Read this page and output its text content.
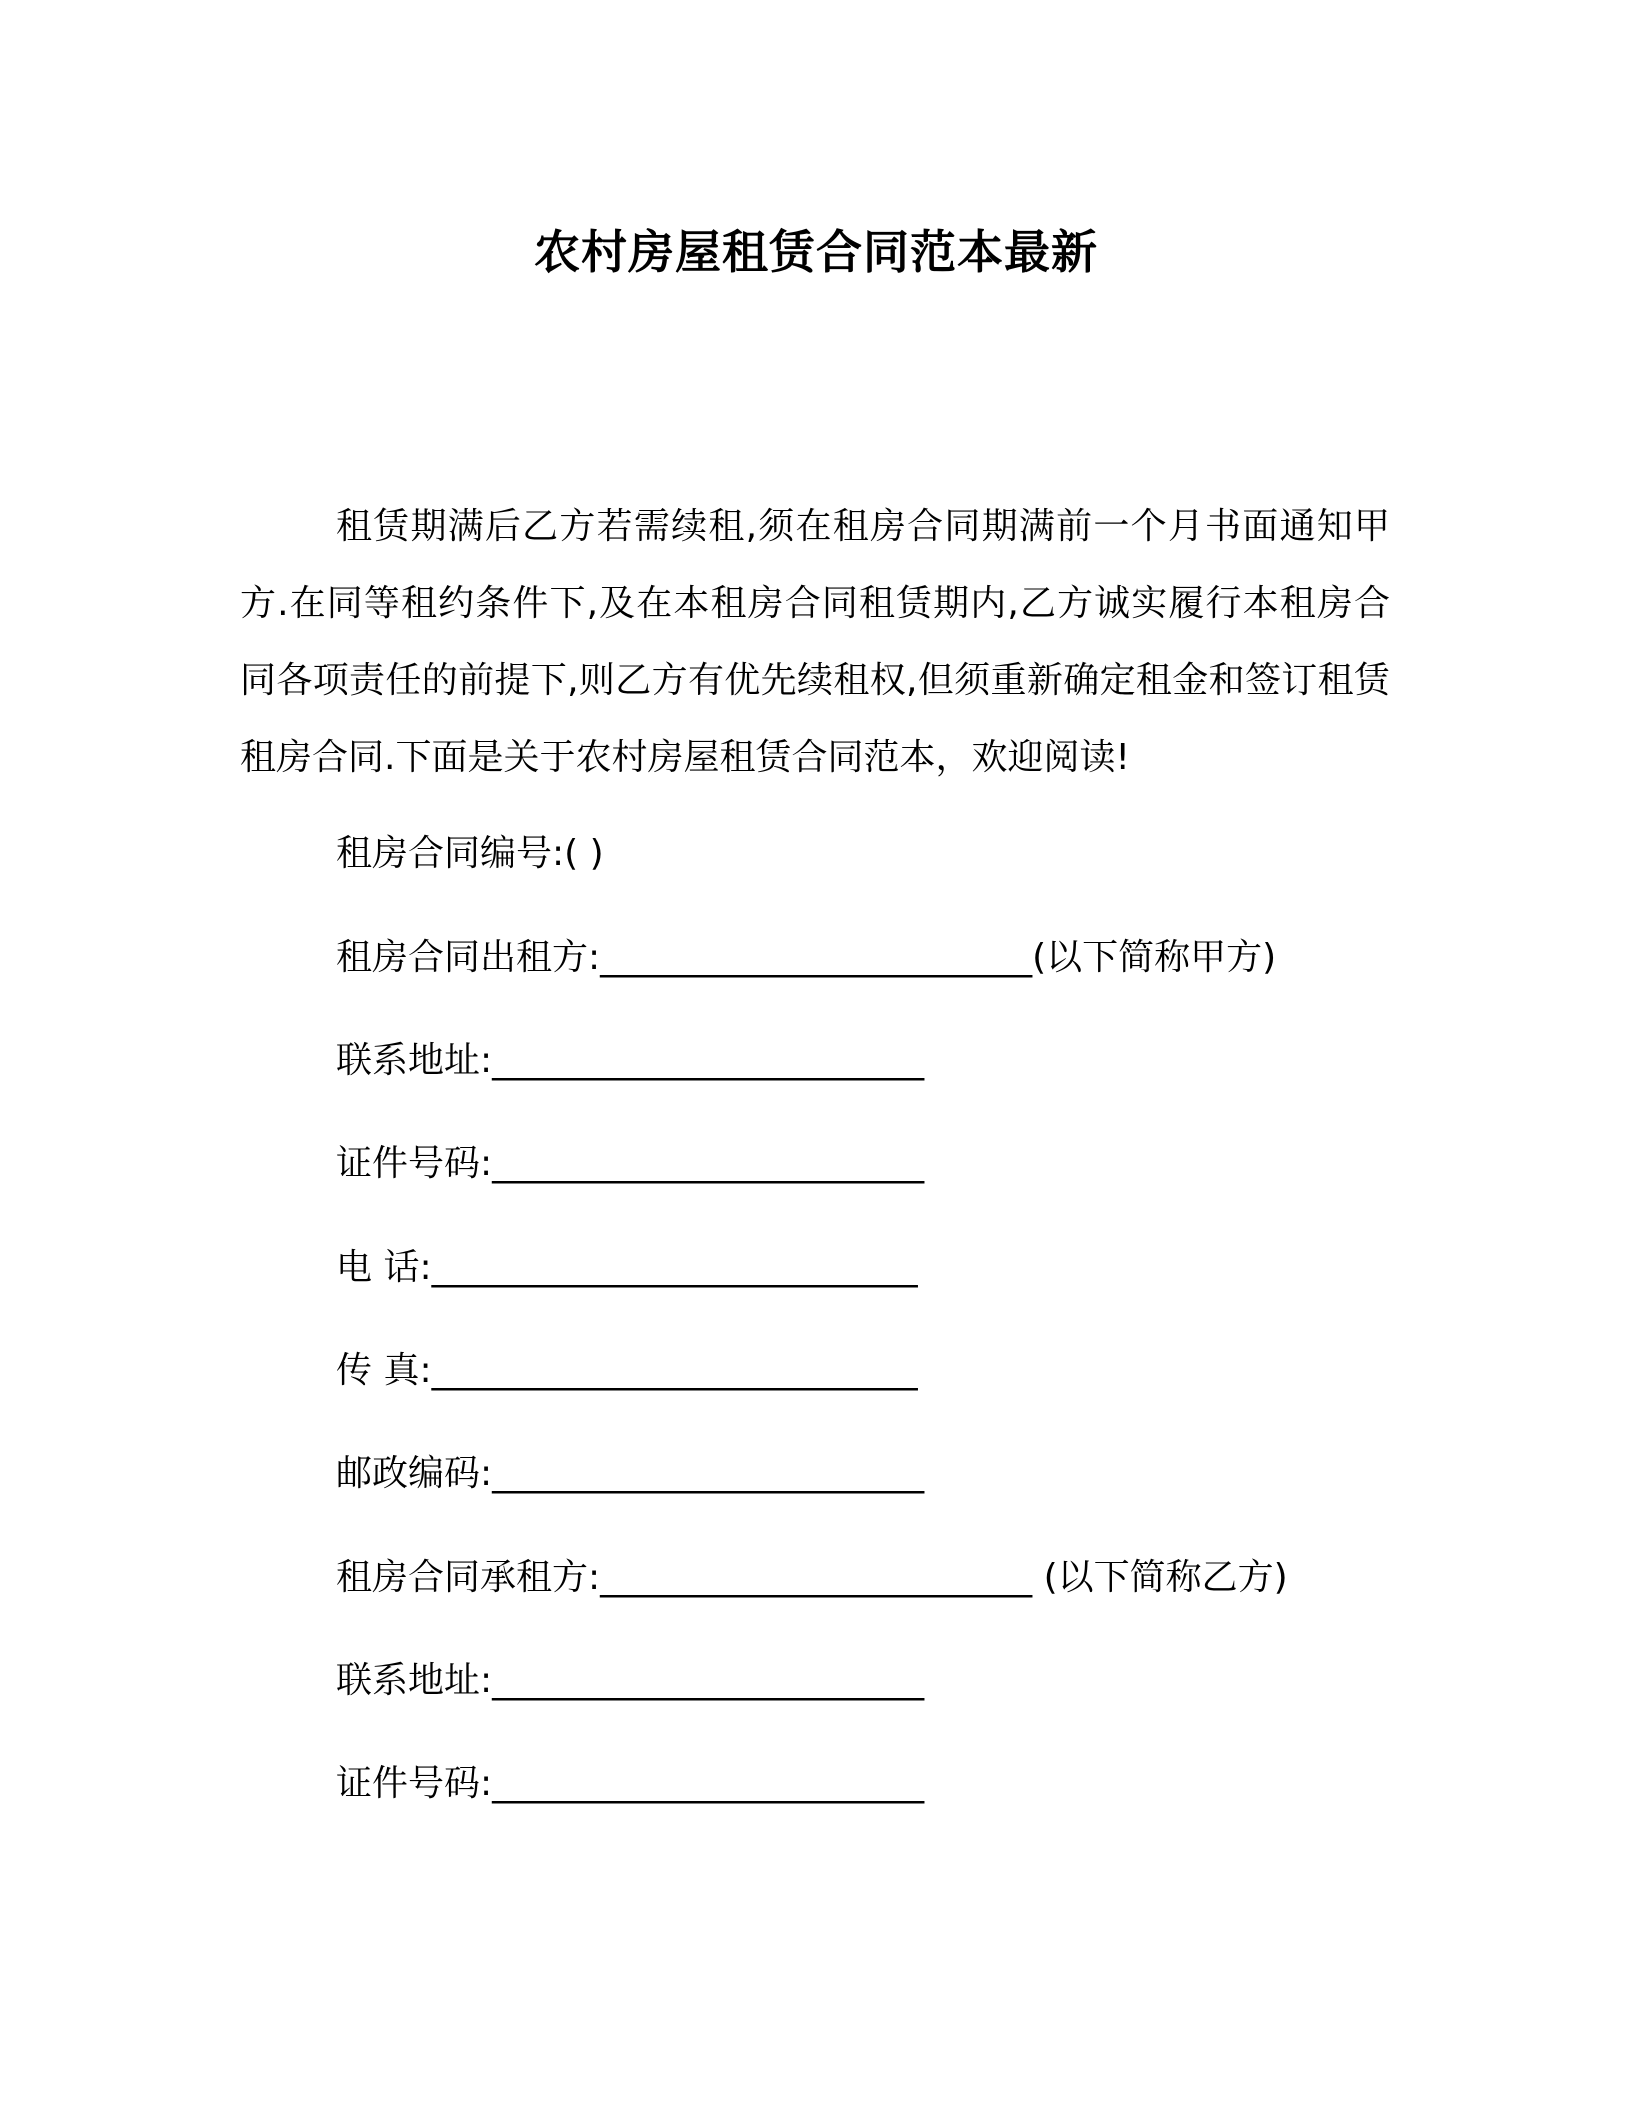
农村房屋租赁合同范本最新

租赁期满后乙方若需续租,须在租房合同期满前一个月书面通知甲方.在同等租约条件下,及在本租房合同租赁期内,乙方诚实履行本租房合同各项责任的前提下,则乙方有优先续租权,但须重新确定租金和签订租赁租房合同.下面是关于农村房屋租赁合同范本，欢迎阅读!

租房合同编号:( )

租房合同出租方:________________________(以下简称甲方)

联系地址:________________________

证件号码:________________________

电 话:___________________________

传 真:___________________________

邮政编码:________________________

租房合同承租方:________________________ (以下简称乙方)

联系地址:________________________

证件号码:________________________
